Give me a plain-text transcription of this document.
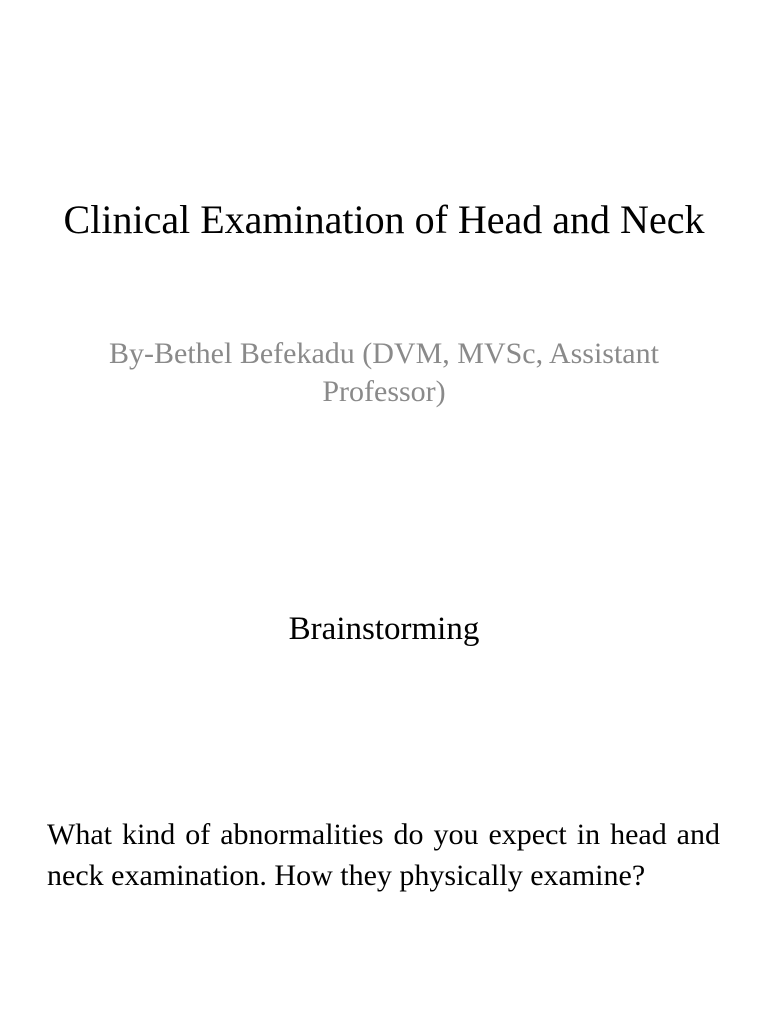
Clinical Examination of Head and Neck

By-Bethel Befekadu (DVM, MVSc, Assistant Professor)

Brainstorming

What kind of abnormalities do you expect in head and neck examination. How they physically examine?
